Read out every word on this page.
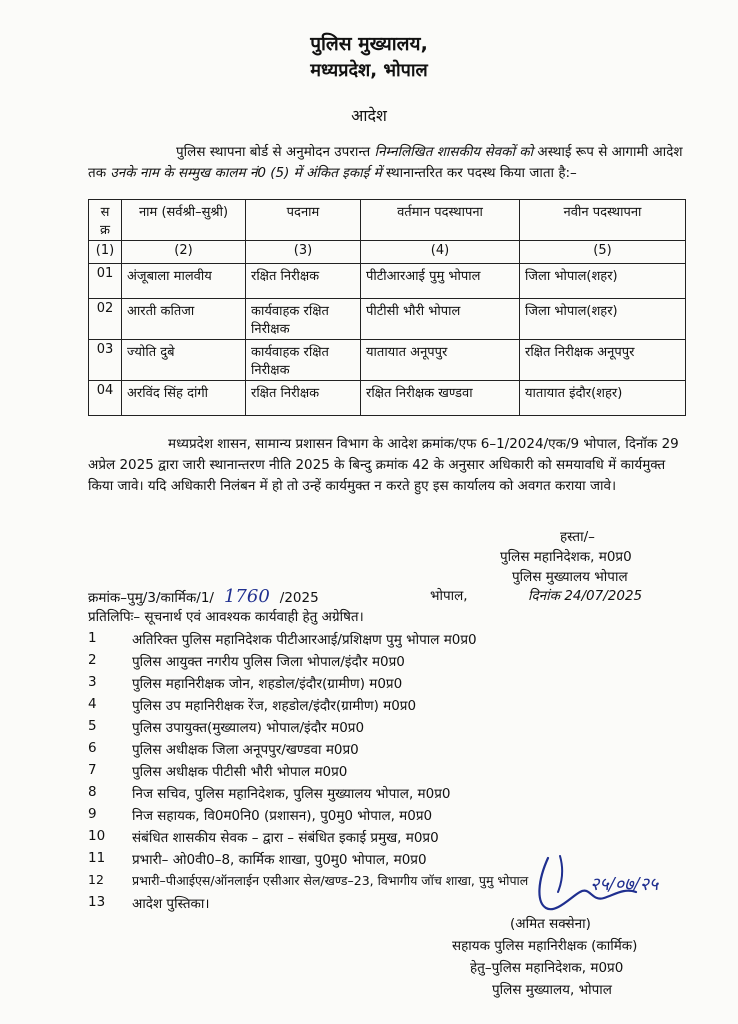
पुलिस मुख्यालय,
मध्यप्रदेश, भोपाल
आदेश
पुलिस स्थापना बोर्ड से अनुमोदन उपरान्त निम्नलिखित शासकीय सेवकों को अस्थाई रूप से आगामी आदेश तक उनके नाम के सम्मुख कालम नं0 (5) में अंकित इकाई में स्थानान्तरित कर पदस्थ किया जाता है:–
स क्र	नाम (सर्वश्री–सुश्री)	पदनाम	वर्तमान पदस्थापना	नवीन पदस्थापना
(1)	(2)	(3)	(4)	(5)
01	अंजूबाला मालवीय	रक्षित निरीक्षक	पीटीआरआई पुमु भोपाल	जिला भोपाल(शहर)
02	आरती कतिजा	कार्यवाहक रक्षित निरीक्षक	पीटीसी भौरी भोपाल	जिला भोपाल(शहर)
03	ज्योति दुबे	कार्यवाहक रक्षित निरीक्षक	यातायात अनूपपुर	रक्षित निरीक्षक अनूपपुर
04	अरविंद सिंह दांगी	रक्षित निरीक्षक	रक्षित निरीक्षक खण्डवा	यातायात इंदौर(शहर)
मध्यप्रदेश शासन, सामान्य प्रशासन विभाग के आदेश क्रमांक/एफ 6–1/2024/एक/9 भोपाल, दिनॉक 29 अप्रेल 2025 द्वारा जारी स्थानान्तरण नीति 2025 के बिन्दु क्रमांक 42 के अनुसार अधिकारी को समयावधि में कार्यमुक्त किया जावे। यदि अधिकारी निलंबन में हो तो उन्हें कार्यमुक्त न करते हुए इस कार्यालय को अवगत कराया जावे।
हस्ता/–
पुलिस महानिदेशक, म0प्र0
पुलिस मुख्यालय भोपाल
क्रमांक–पुमु/3/कार्मिक/1/ 1760 /2025	भोपाल,	दिनांक 24/07/2025
प्रतिलिपिः– सूचनार्थ एवं आवश्यक कार्यवाही हेतु अग्रेषित।
1	अतिरिक्त पुलिस महानिदेशक पीटीआरआई/प्रशिक्षण पुमु भोपाल म0प्र0
2	पुलिस आयुक्त नगरीय पुलिस जिला भोपाल/इंदौर म0प्र0
3	पुलिस महानिरीक्षक जोन, शहडोल/इंदौर(ग्रामीण) म0प्र0
4	पुलिस उप महानिरीक्षक रेंज, शहडोल/इंदौर(ग्रामीण) म0प्र0
5	पुलिस उपायुक्त(मुख्यालय) भोपाल/इंदौर म0प्र0
6	पुलिस अधीक्षक जिला अनूपपुर/खण्डवा म0प्र0
7	पुलिस अधीक्षक पीटीसी भौरी भोपाल म0प्र0
8	निज सचिव, पुलिस महानिदेशक, पुलिस मुख्यालय भोपाल, म0प्र0
9	निज सहायक, वि0म0नि0 (प्रशासन), पु0मु0 भोपाल, म0प्र0
10	संबंधित शासकीय सेवक – द्वारा – संबंधित इकाई प्रमुख, म0प्र0
11	प्रभारी– ओ0वी0–8, कार्मिक शाखा, पु0मु0 भोपाल, म0प्र0
12	प्रभारी–पीआईएस/ऑनलाईन एसीआर सेल/खण्ड–23, विभागीय जॉच शाखा, पुमु भोपाल
13	आदेश पुस्तिका।
२५/०७/२५
(अमित सक्सेना)
सहायक पुलिस महानिरीक्षक (कार्मिक)
हेतु–पुलिस महानिदेशक, म0प्र0
पुलिस मुख्यालय, भोपाल
